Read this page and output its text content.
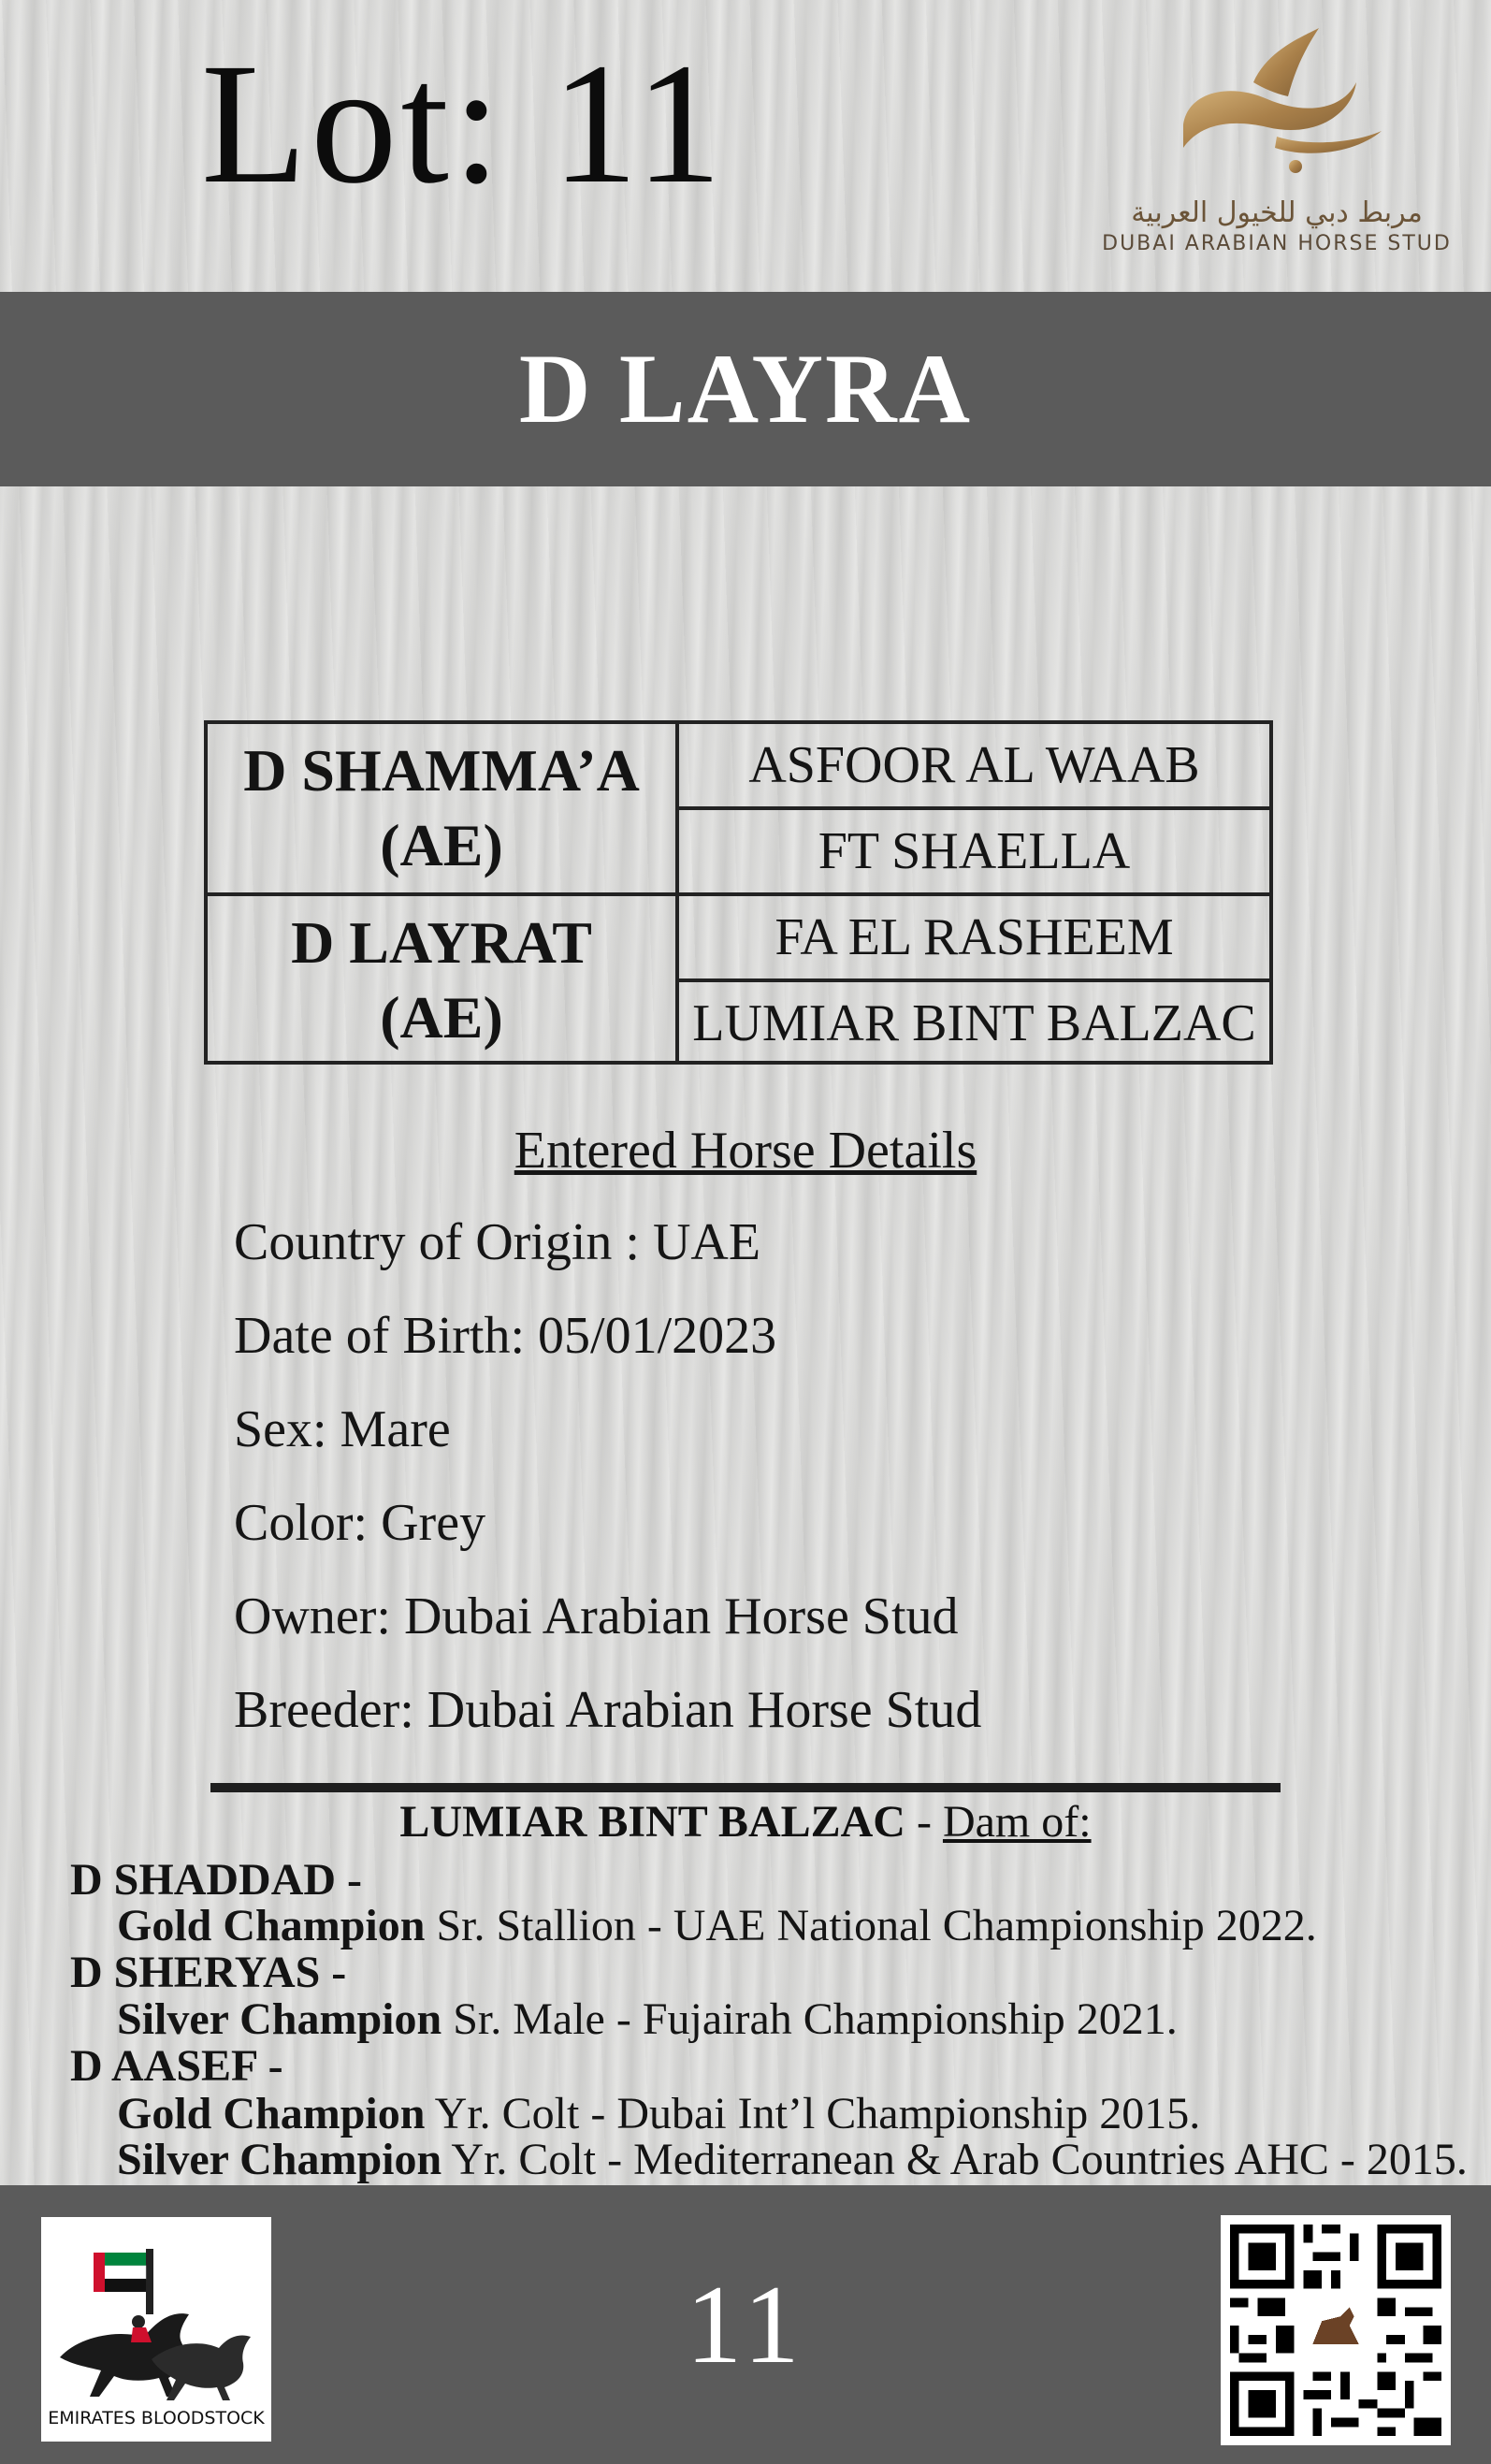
Lot: 11	مربط دبي للخيول العربية
DUBAI ARABIAN HORSE STUD
D LAYRA
D SHAMMA’A
(AE)
D LAYRAT
(AE)
ASFOOR AL WAAB
FT SHAELLA
FA EL RASHEEM
LUMIAR BINT BALZAC
Entered Horse Details
Country of Origin : UAE
Date of Birth: 05/01/2023
Sex: Mare
Color: Grey
Owner: Dubai Arabian Horse Stud
Breeder: Dubai Arabian Horse Stud
LUMIAR BINT BALZAC - Dam of:
D SHADDAD -
Gold Champion Sr. Stallion - UAE National Championship 2022.
D SHERYAS -
Silver Champion Sr. Male - Fujairah Championship 2021.
D AASEF -
Gold Champion Yr. Colt - Dubai Int’l Championship 2015.
Silver Champion Yr. Colt - Mediterranean & Arab Countries AHC - 2015.
11
EMIRATES BLOODSTOCK
